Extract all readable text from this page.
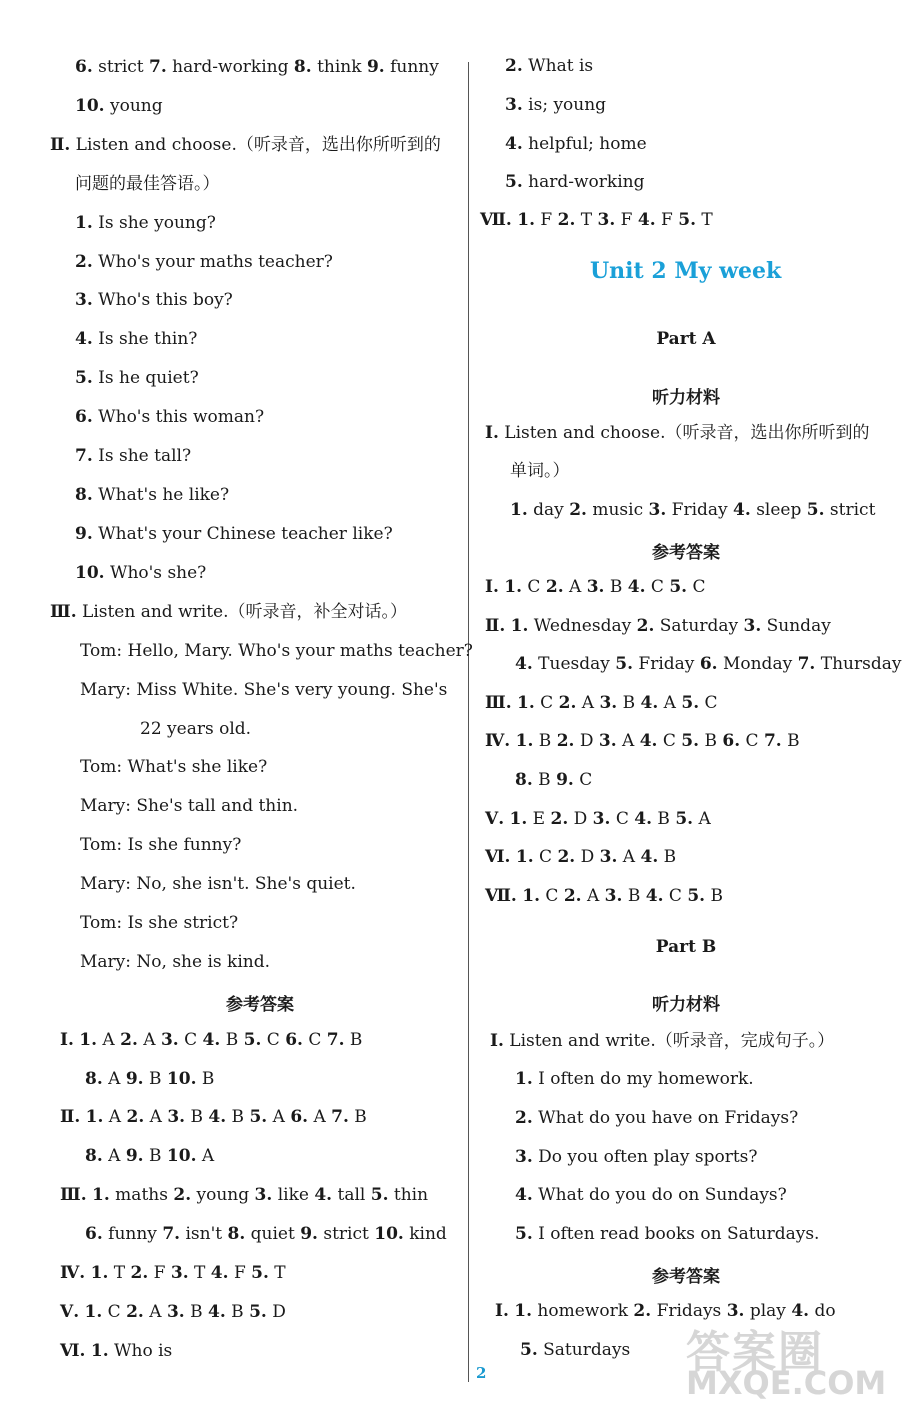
6. strict 7. hard-working 8. think 9. funny
10. young
Ⅱ. Listen and choose.（听录音，选出你所听到的
问题的最佳答语。）
1. Is she young?
2. Who's your maths teacher?
3. Who's this boy?
4. Is she thin?
5. Is he quiet?
6. Who's this woman?
7. Is she tall?
8. What's he like?
9. What's your Chinese teacher like?
10. Who's she?
Ⅲ. Listen and write.（听录音，补全对话。）
Tom: Hello, Mary. Who's your maths teacher?
Mary: Miss White. She's very young. She's
22 years old.
Tom: What's she like?
Mary: She's tall and thin.
Tom: Is she funny?
Mary: No, she isn't. She's quiet.
Tom: Is she strict?
Mary: No, she is kind.
Ⅰ. 1. A 2. A 3. C 4. B 5. C 6. C 7. B
8. A 9. B 10. B
Ⅱ. 1. A 2. A 3. B 4. B 5. A 6. A 7. B
8. A 9. B 10. A
Ⅲ. 1. maths 2. young 3. like 4. tall 5. thin
6. funny 7. isn't 8. quiet 9. strict 10. kind
Ⅳ. 1. T 2. F 3. T 4. F 5. T
Ⅴ. 1. C 2. A 3. B 4. B 5. D
Ⅵ. 1. Who is
参考答案
2. What is
3. is; young
4. helpful; home
5. hard-working
Ⅶ. 1. F 2. T 3. F 4. F 5. T
Ⅰ. Listen and choose.（听录音，选出你所听到的
单词。）
1. day 2. music 3. Friday 4. sleep 5. strict
Ⅰ. 1. C 2. A 3. B 4. C 5. C
Ⅱ. 1. Wednesday 2. Saturday 3. Sunday
4. Tuesday 5. Friday 6. Monday 7. Thursday
Ⅲ. 1. C 2. A 3. B 4. A 5. C
Ⅳ. 1. B 2. D 3. A 4. C 5. B 6. C 7. B
8. B 9. C
Ⅴ. 1. E 2. D 3. C 4. B 5. A
Ⅵ. 1. C 2. D 3. A 4. B
Ⅶ. 1. C 2. A 3. B 4. C 5. B
Ⅰ. Listen and write.（听录音，完成句子。）
1. I often do my homework.
2. What do you have on Fridays?
3. Do you often play sports?
4. What do you do on Sundays?
5. I often read books on Saturdays.
Ⅰ. 1. homework 2. Fridays 3. play 4. do
5. Saturdays
Part A
听力材料
参考答案
Part B
听力材料
参考答案
Unit 2 My week
2	答案圈
MXQE.COM
